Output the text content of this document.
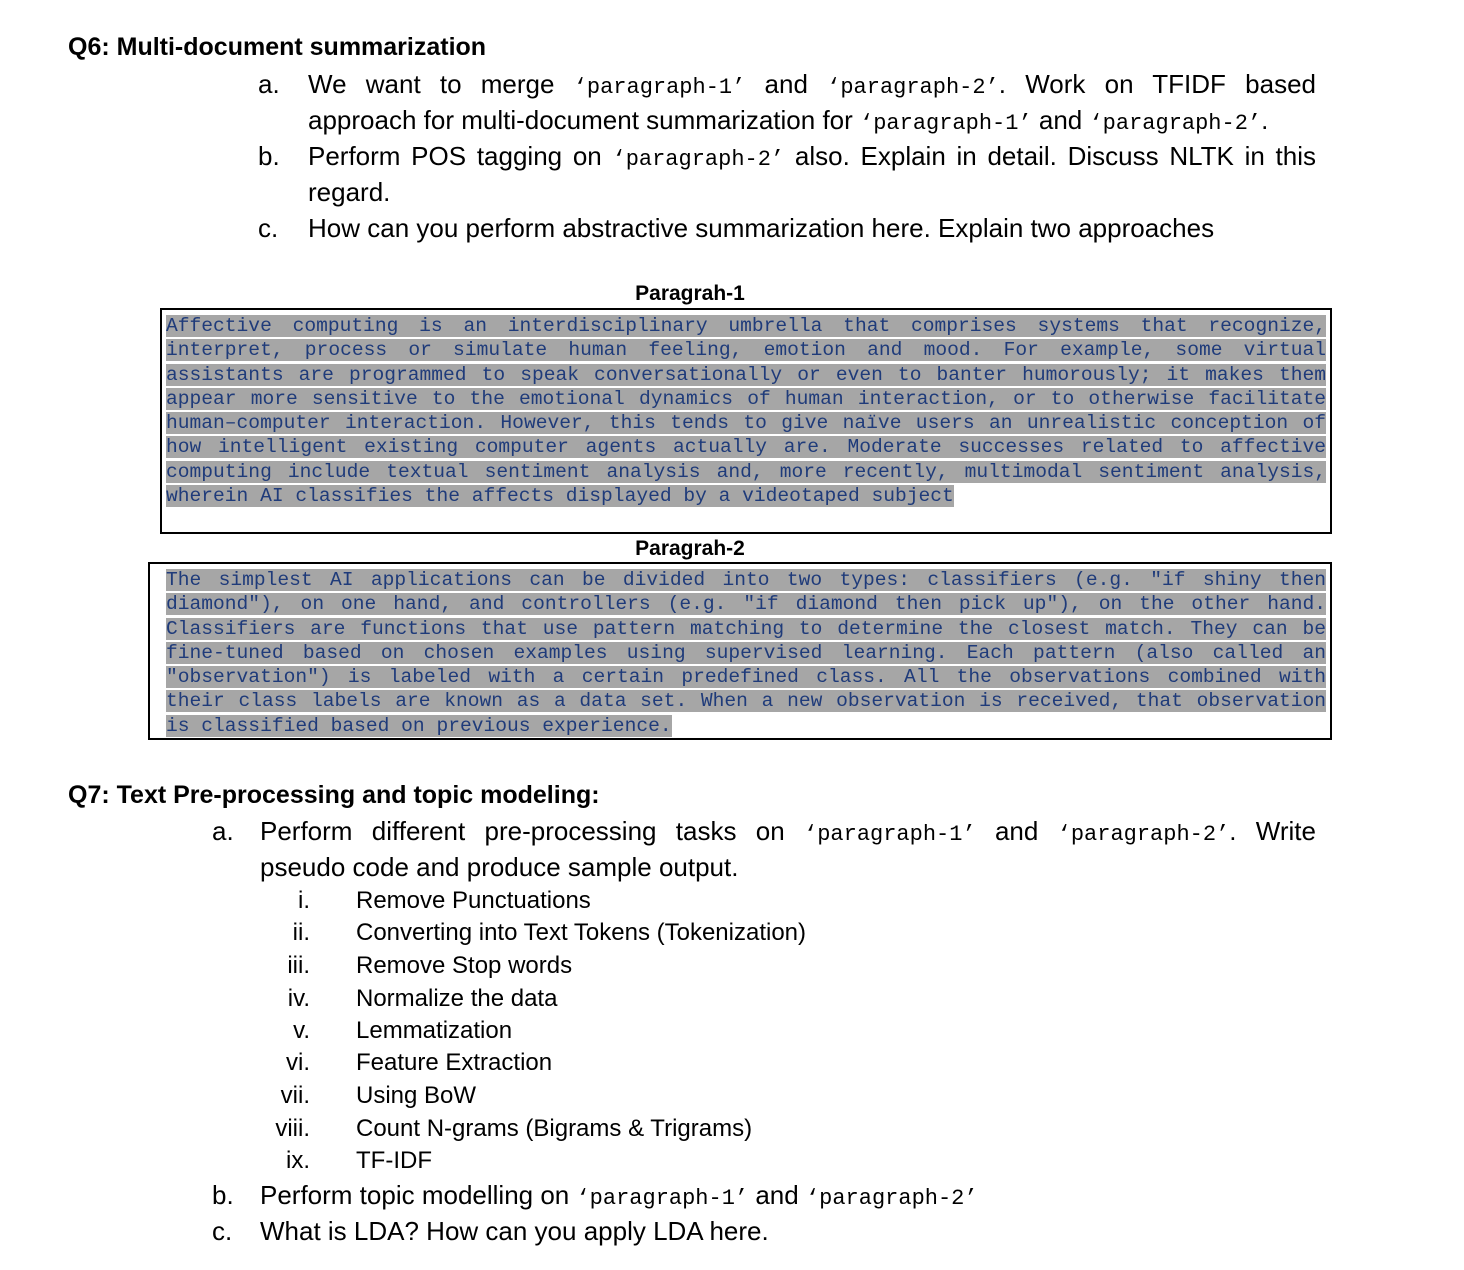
Q6: Multi-document summarization
a. We want to merge ‘paragraph-1’ and ‘paragraph-2’. Work on TFIDF based
approach for multi-document summarization for ‘paragraph-1’ and ‘paragraph-2’.
b. Perform POS tagging on ‘paragraph-2’ also. Explain in detail. Discuss NLTK in this
regard.
c. How can you perform abstractive summarization here. Explain two approaches
Paragrah-1
Affective computing is an interdisciplinary umbrella that comprises systems that recognize, interpret, process or simulate human feeling, emotion and mood. For example, some virtual assistants are programmed to speak conversationally or even to banter humorously; it makes them appear more sensitive to the emotional dynamics of human interaction, or to otherwise facilitate human–computer interaction. However, this tends to give naïve users an unrealistic conception of how intelligent existing computer agents actually are. Moderate successes related to affective computing include textual sentiment analysis and, more recently, multimodal sentiment analysis, wherein AI classifies the affects displayed by a videotaped subject
Paragrah-2
The simplest AI applications can be divided into two types: classifiers (e.g. "if shiny then diamond"), on one hand, and controllers (e.g. "if diamond then pick up"), on the other hand. Classifiers are functions that use pattern matching to determine the closest match. They can be fine-tuned based on chosen examples using supervised learning. Each pattern (also called an "observation") is labeled with a certain predefined class. All the observations combined with their class labels are known as a data set. When a new observation is received, that observation is classified based on previous experience.
Q7: Text Pre-processing and topic modeling:
a. Perform different pre-processing tasks on ‘paragraph-1’ and ‘paragraph-2’. Write
pseudo code and produce sample output.
i. Remove Punctuations
ii. Converting into Text Tokens (Tokenization)
iii. Remove Stop words
iv. Normalize the data
v. Lemmatization
vi. Feature Extraction
vii. Using BoW
viii. Count N-grams (Bigrams & Trigrams)
ix. TF-IDF
b. Perform topic modelling on ‘paragraph-1’ and ‘paragraph-2’
c. What is LDA? How can you apply LDA here.
